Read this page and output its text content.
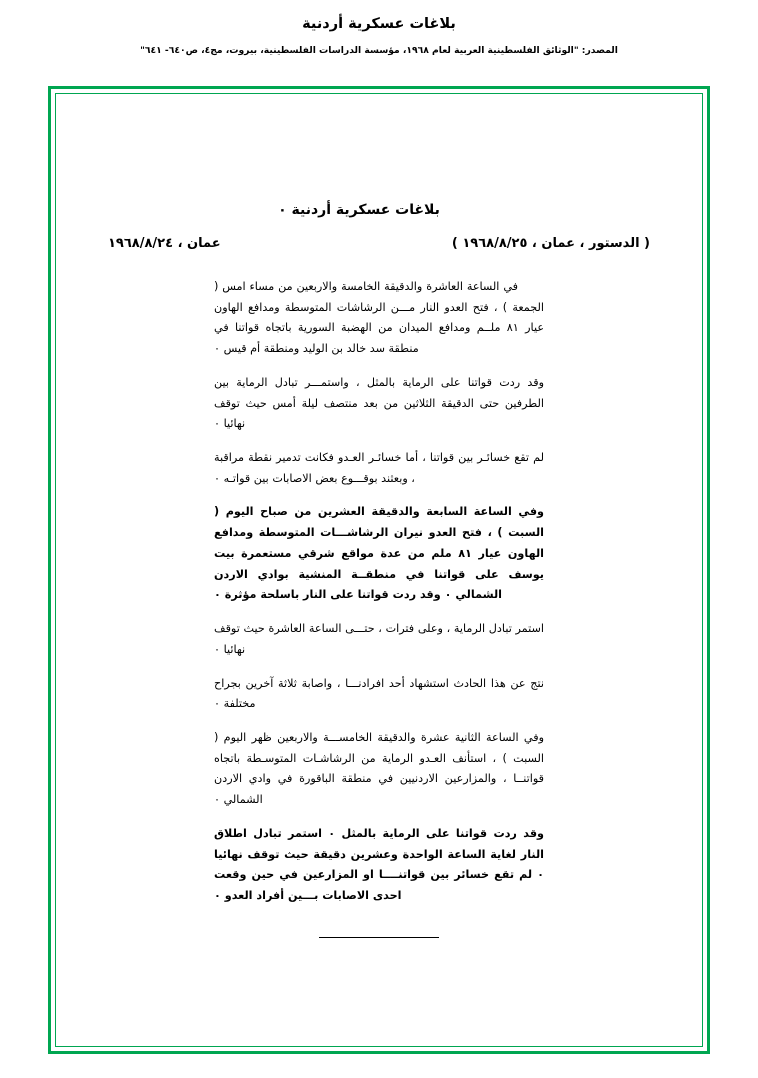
بلاغات عسكرية أردنية
المصدر: "الوثائق الفلسطينية العربية لعام ١٩٦٨، مؤسسة الدراسات الفلسطينية، بيروت، مج٤، ص٦٤٠- ٦٤١"
بلاغات عسكرية أردنية ٠
( الدستور ، عمان ، ١٩٦٨/٨/٢٥ )
عمان ، ١٩٦٨/٨/٢٤

في الساعة العاشرة والدقيقة الخامسة والاربعين من مساء امس ( الجمعة ) ، فتح العدو النار مـــن الرشاشات المتوسطة ومدافع الهاون عيار ٨١ ملــم ومدافع الميدان من الهضبة السورية باتجاه قواتنا في منطقة سد خالد بن الوليد ومنطقة أم قيس ٠

وقد ردت قواتنا على الرماية بالمثل ، واستمـــر تبادل الرماية بين الطرفين حتى الدقيقة الثلاثين من بعد منتصف ليلة أمس حيث توقف نهائيا ٠

لم تقع خسائـر بين قواتنا ، أما خسائـر العـدو فكانت تدمير نقطة مراقبة ، وبعثند بوقـــوع بعض الاصابات بين قواتـه ٠

وفي الساعة السابعة والدقيقة العشرين من صباح اليوم ( السبت ) ، فتح العدو نيران الرشاشـــات المتوسطة ومدافع الهاون عيار ٨١ ملم من عدة مواقع شرقي مستعمرة بيت يوسف على قواتنا في منطقــة المنشية بوادي الاردن الشمالي ٠ وقد ردت قواتنا على النار باسلحة مؤثرة ٠

استمر تبادل الرماية ، وعلى فترات ، حتـــى الساعة العاشرة حيث توقف نهائيا ٠

نتج عن هذا الحادث استشهاد أحد افرادنـــا ، واصابة ثلاثة آخرين بجراح مختلفة ٠

وفي الساعة الثانية عشرة والدقيقة الخامســـة والاربعين ظهر اليوم ( السبت ) ، استأنف العـدو الرماية من الرشاشـات المتوسـطة باتجاه قواتنــا ، والمزارعين الاردنيين في منطقة الباقورة في وادي الاردن الشمالي ٠

وقد ردت قواتنا على الرماية بالمثل ٠ استمر تبادل اطلاق النار لغاية الساعة الواحدة وعشرين دقيقة حيث توقف نهائيا ٠ لم تقع خسائر بين قواتنــــا او المزارعين في حين وقعت احدى الاصابات بـــين أفراد العدو ٠
